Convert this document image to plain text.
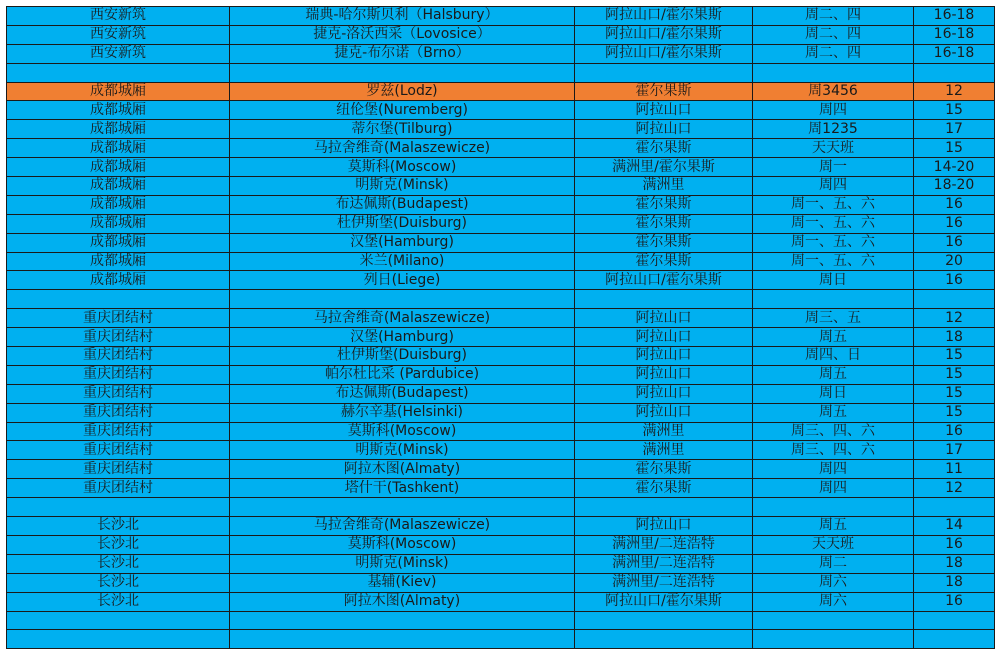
西安新筑	瑞典-哈尔斯贝利（Halsbury）	阿拉山口/霍尔果斯	周二、四	16-18
西安新筑	捷克-洛沃西采（Lovosice）	阿拉山口/霍尔果斯	周二、四	16-18
西安新筑	捷克-布尔诺（Brno）	阿拉山口/霍尔果斯	周二、四	16-18

成都城厢	罗兹(Lodz)	霍尔果斯	周3456	12
成都城厢	纽伦堡(Nuremberg)	阿拉山口	周四	15
成都城厢	蒂尔堡(Tilburg)	阿拉山口	周1235	17
成都城厢	马拉舍维奇(Malaszewicze)	霍尔果斯	天天班	15
成都城厢	莫斯科(Moscow)	满洲里/霍尔果斯	周一	14-20
成都城厢	明斯克(Minsk)	满洲里	周四	18-20
成都城厢	布达佩斯(Budapest)	霍尔果斯	周一、五、六	16
成都城厢	杜伊斯堡(Duisburg)	霍尔果斯	周一、五、六	16
成都城厢	汉堡(Hamburg)	霍尔果斯	周一、五、六	16
成都城厢	米兰(Milano)	霍尔果斯	周一、五、六	20
成都城厢	列日(Liege)	阿拉山口/霍尔果斯	周日	16

重庆团结村	马拉舍维奇(Malaszewicze)	阿拉山口	周三、五	12
重庆团结村	汉堡(Hamburg)	阿拉山口	周五	18
重庆团结村	杜伊斯堡(Duisburg)	阿拉山口	周四、日	15
重庆团结村	帕尔杜比采 (Pardubice)	阿拉山口	周五	15
重庆团结村	布达佩斯(Budapest)	阿拉山口	周日	15
重庆团结村	赫尔辛基(Helsinki)	阿拉山口	周五	15
重庆团结村	莫斯科(Moscow)	满洲里	周三、四、六	16
重庆团结村	明斯克(Minsk)	满洲里	周三、四、六	17
重庆团结村	阿拉木图(Almaty)	霍尔果斯	周四	11
重庆团结村	塔什干(Tashkent)	霍尔果斯	周四	12

长沙北	马拉舍维奇(Malaszewicze)	阿拉山口	周五	14
长沙北	莫斯科(Moscow)	满洲里/二连浩特	天天班	16
长沙北	明斯克(Minsk)	满洲里/二连浩特	周二	18
长沙北	基辅(Kiev)	满洲里/二连浩特	周六	18
长沙北	阿拉木图(Almaty)	阿拉山口/霍尔果斯	周六	16
